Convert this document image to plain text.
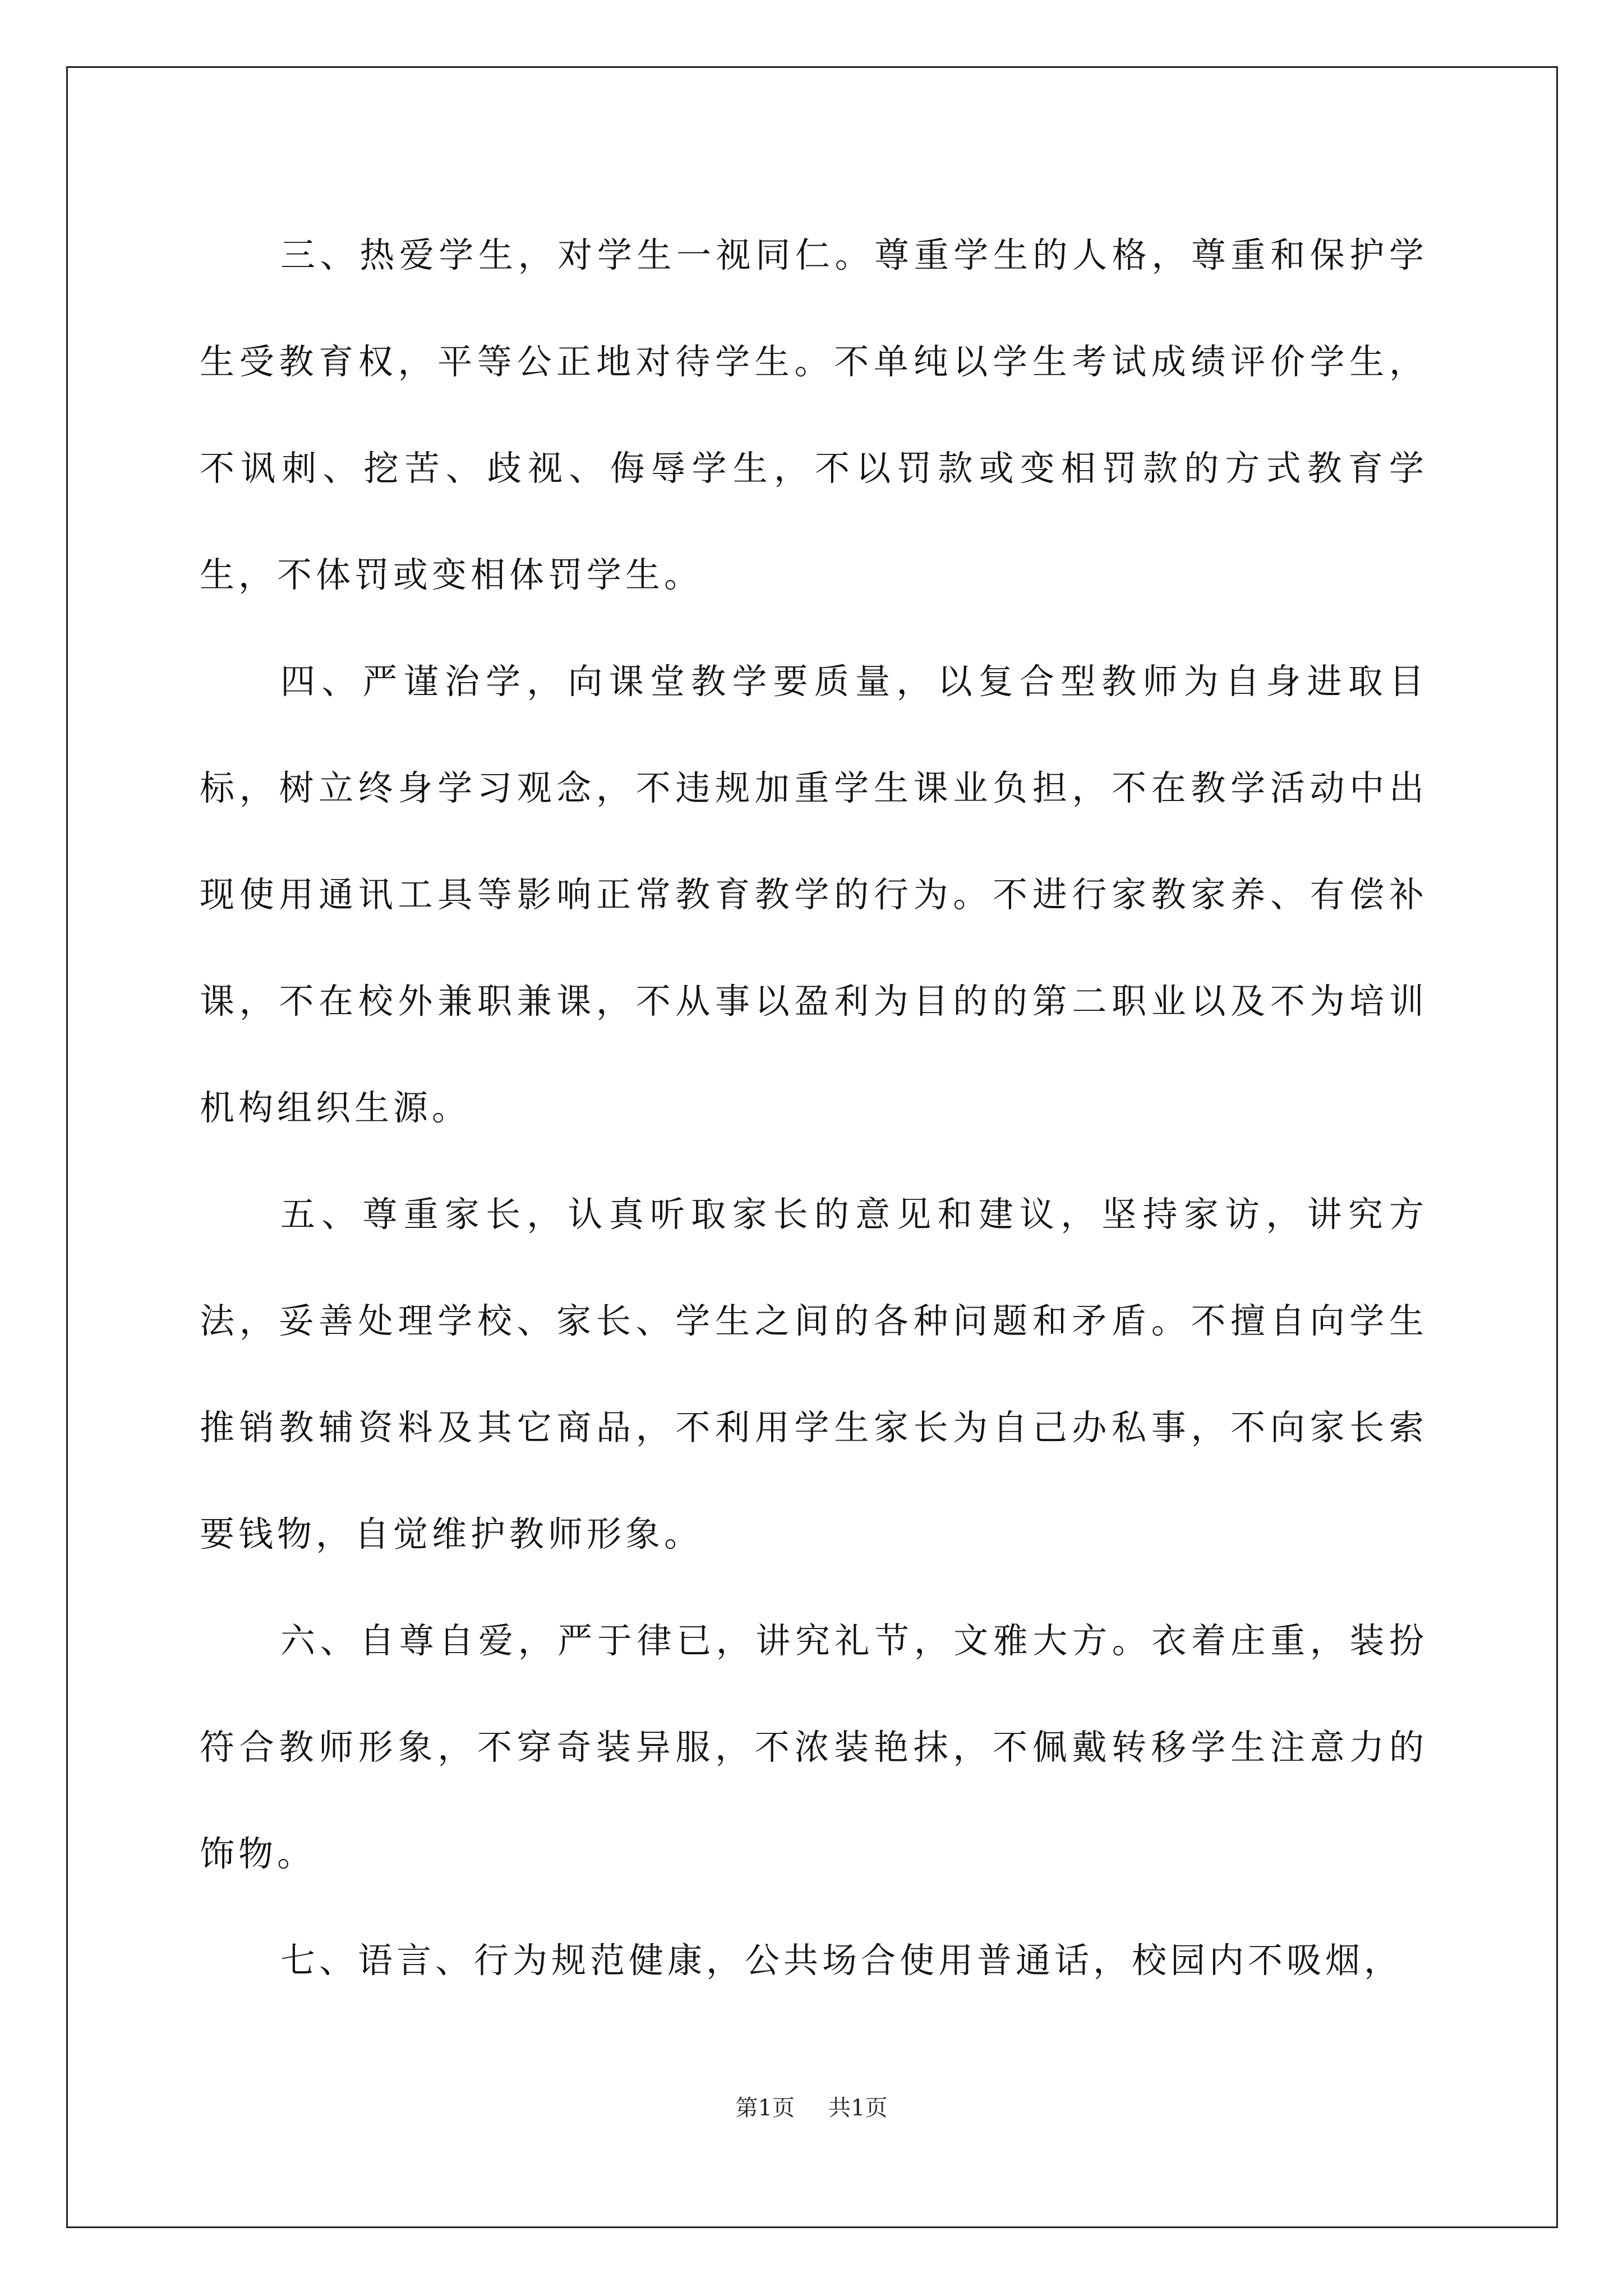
三、热爱学生，对学生一视同仁。尊重学生的人格，尊重和保护学生受教育权，平等公正地对待学生。不单纯以学生考试成绩评价学生，不讽刺、挖苦、歧视、侮辱学生，不以罚款或变相罚款的方式教育学生，不体罚或变相体罚学生。

四、严谨治学，向课堂教学要质量，以复合型教师为自身进取目标，树立终身学习观念，不违规加重学生课业负担，不在教学活动中出现使用通讯工具等影响正常教育教学的行为。不进行家教家养、有偿补课，不在校外兼职兼课，不从事以盈利为目的的第二职业以及不为培训机构组织生源。

五、尊重家长，认真听取家长的意见和建议，坚持家访，讲究方法，妥善处理学校、家长、学生之间的各种问题和矛盾。不擅自向学生推销教辅资料及其它商品，不利用学生家长为自己办私事，不向家长索要钱物，自觉维护教师形象。

六、自尊自爱，严于律已，讲究礼节，文雅大方。衣着庄重，装扮符合教师形象，不穿奇装异服，不浓装艳抹，不佩戴转移学生注意力的饰物。

七、语言、行为规范健康，公共场合使用普通话，校园内不吸烟，

第1页 共1页
